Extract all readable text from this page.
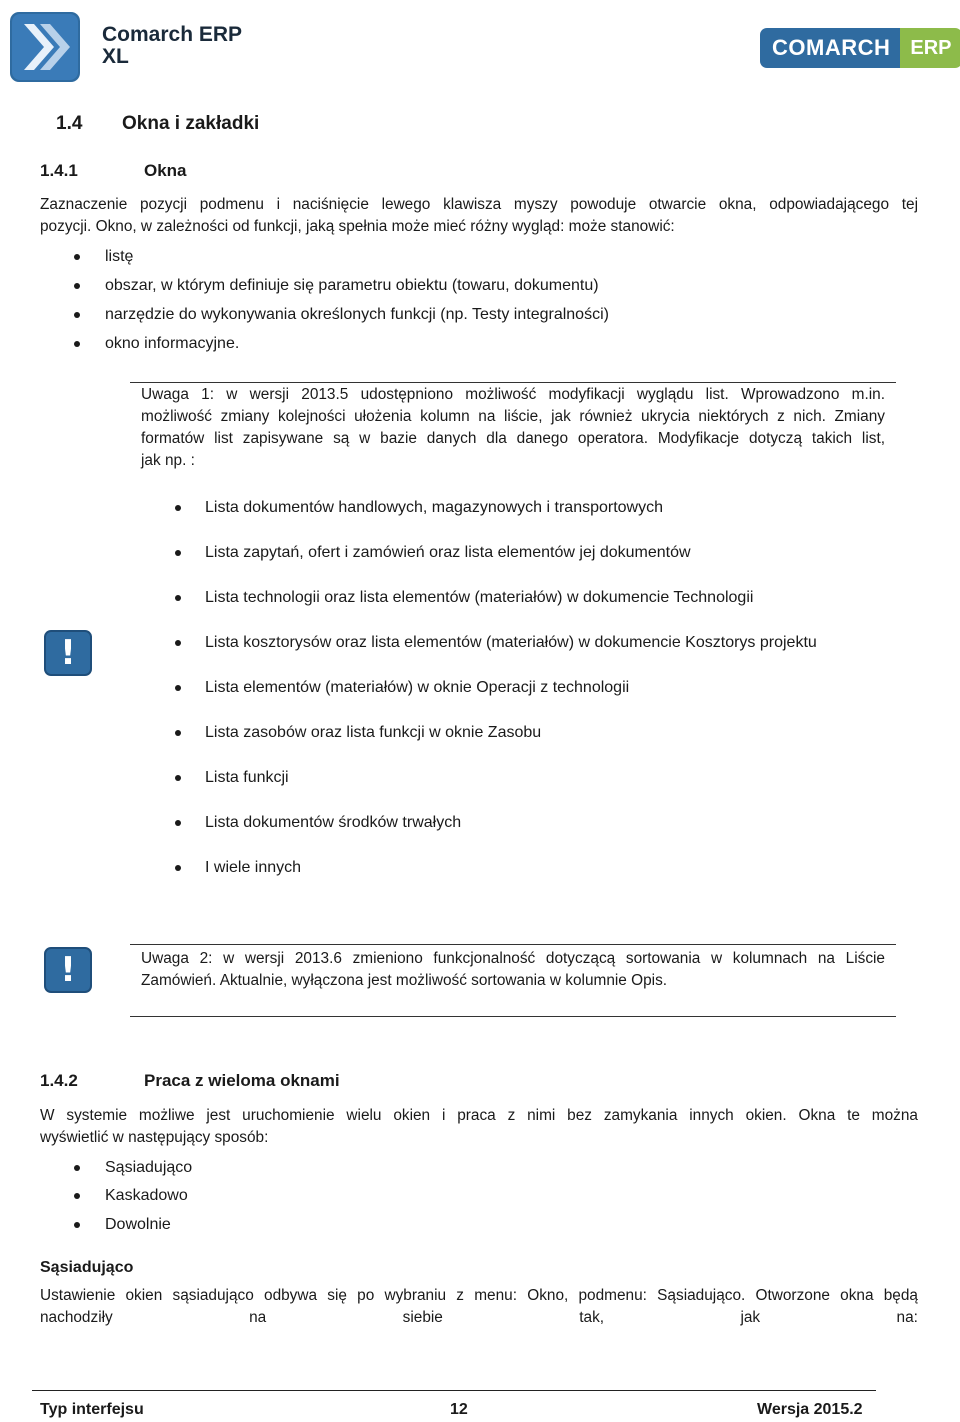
Comarch ERP
XL	COMARCH	ERP
1.4 Okna i zakładki
1.4.1	Okna
Zaznaczenie pozycji podmenu i naciśnięcie lewego klawisza myszy powoduje otwarcie okna, odpowiadającego tej
pozycji. Okno, w zależności od funkcji, jaką spełnia może mieć różny wygląd: może stanowić:
listę
obszar, w którym definiuje się parametru obiektu (towaru, dokumentu)
narzędzie do wykonywania określonych funkcji (np. Testy integralności)
okno informacyjne.
Uwaga 1: w wersji 2013.5 udostępniono możliwość modyfikacji wyglądu list. Wprowadzono m.in.
możliwość zmiany kolejności ułożenia kolumn na liście, jak również ukrycia niektórych z nich. Zmiany
formatów list zapisywane są w bazie danych dla danego operatora. Modyfikacje dotyczą takich list,
jak np. :
Lista dokumentów handlowych, magazynowych i transportowych
Lista zapytań, ofert i zamówień oraz lista elementów jej dokumentów
Lista technologii oraz lista elementów (materiałów) w dokumencie Technologii
Lista kosztorysów oraz lista elementów (materiałów) w dokumencie Kosztorys projektu
Lista elementów (materiałów) w oknie Operacji z technologii
Lista zasobów oraz lista funkcji w oknie Zasobu
Lista funkcji
Lista dokumentów środków trwałych
I wiele innych
!
!	Uwaga 2: w wersji 2013.6 zmieniono funkcjonalność dotyczącą sortowania w kolumnach na Liście
Zamówień. Aktualnie, wyłączona jest możliwość sortowania w kolumnie Opis.
1.4.2	Praca z wieloma oknami
W systemie możliwe jest uruchomienie wielu okien i praca z nimi bez zamykania innych okien. Okna te można
wyświetlić w następujący sposób:
Sąsiadująco
Kaskadowo
Dowolnie
Sąsiadująco
Ustawienie okien sąsiadująco odbywa się po wybraniu z menu: Okno, podmenu: Sąsiadująco. Otworzone okna będą
nachodziły	na	siebie	tak,	jak	na:
Typ interfejsu	12	Wersja 2015.2
